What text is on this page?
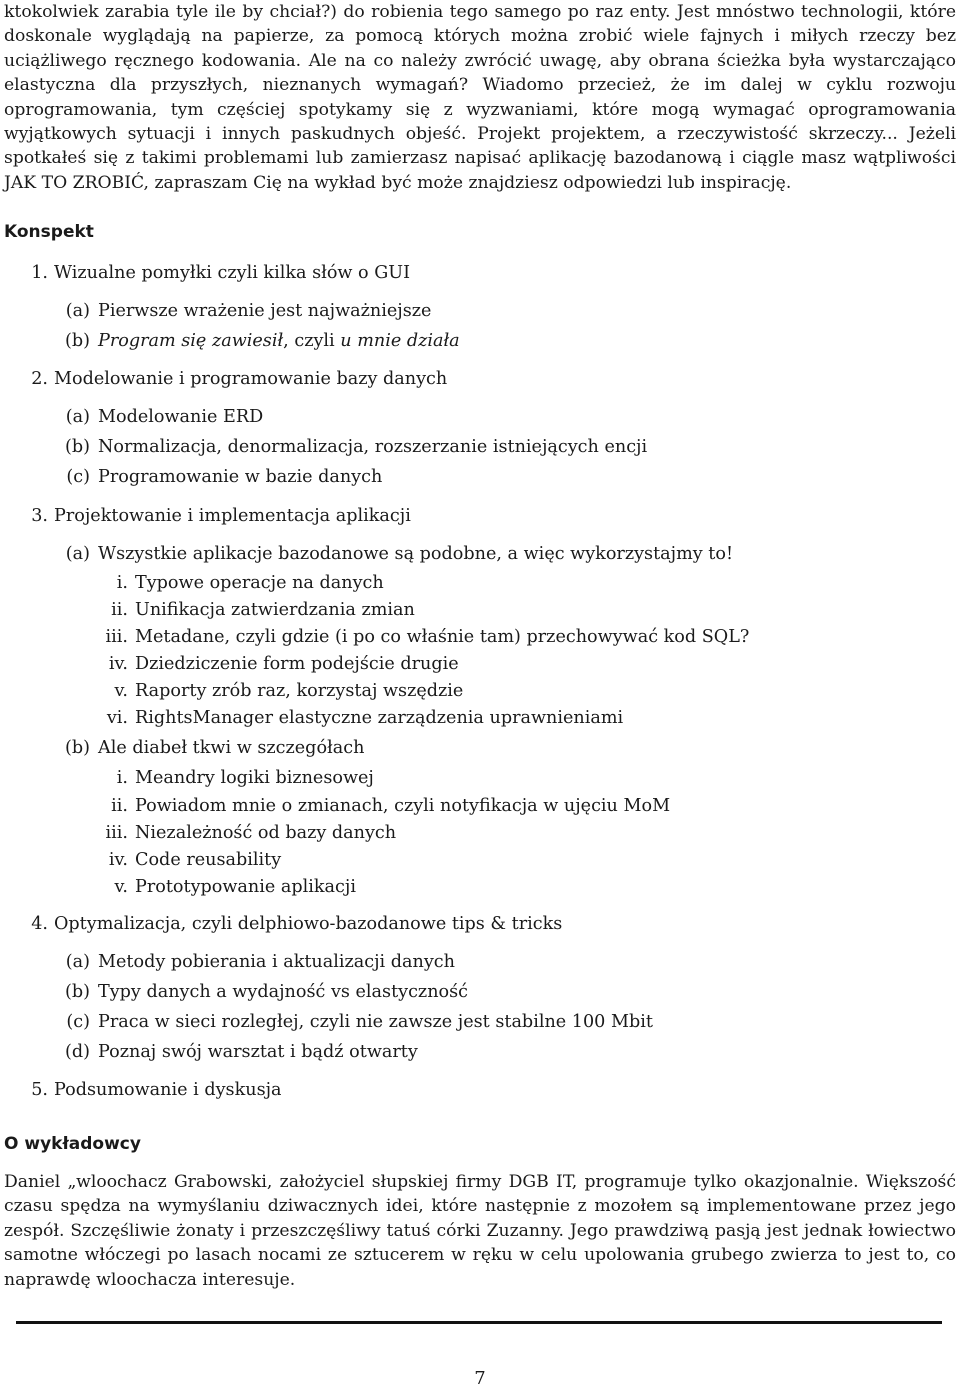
ktokolwiek zarabia tyle ile by chciał?) do robienia tego samego po raz enty. Jest mnóstwo technologii, które doskonale wyglądają na papierze, za pomocą których można zrobić wiele fajnych i miłych rzeczy bez uciążliwego ręcznego kodowania. Ale na co należy zwrócić uwagę, aby obrana ścieżka była wystarczająco elastyczna dla przyszłych, nieznanych wymagań? Wiadomo przecież, że im dalej w cyklu rozwoju oprogramowania, tym częściej spotykamy się z wyzwaniami, które mogą wymagać oprogramowania wyjątkowych sytuacji i innych paskudnych objeść. Projekt projektem, a rzeczywistość skrzeczy... Jeżeli spotkałeś się z takimi problemami lub zamierzasz napisać aplikację bazodanową i ciągle masz wątpliwości JAK TO ZROBIĆ, zapraszam Cię na wykład być może znajdziesz odpowiedzi lub inspirację.

Konspekt
1. Wizualne pomyłki czyli kilka słów o GUI
(a) Pierwsze wrażenie jest najważniejsze
(b) Program się zawiesił, czyli u mnie działa
2. Modelowanie i programowanie bazy danych
(a) Modelowanie ERD
(b) Normalizacja, denormalizacja, rozszerzanie istniejących encji
(c) Programowanie w bazie danych
3. Projektowanie i implementacja aplikacji
(a) Wszystkie aplikacje bazodanowe są podobne, a więc wykorzystajmy to!
i. Typowe operacje na danych
ii. Unifikacja zatwierdzania zmian
iii. Metadane, czyli gdzie (i po co właśnie tam) przechowywać kod SQL?
iv. Dziedziczenie form podejście drugie
v. Raporty zrób raz, korzystaj wszędzie
vi. RightsManager elastyczne zarządzenia uprawnieniami
(b) Ale diabeł tkwi w szczegółach
i. Meandry logiki biznesowej
ii. Powiadom mnie o zmianach, czyli notyfikacja w ujęciu MoM
iii. Niezależność od bazy danych
iv. Code reusability
v. Prototypowanie aplikacji
4. Optymalizacja, czyli delphiowo-bazodanowe tips & tricks
(a) Metody pobierania i aktualizacji danych
(b) Typy danych a wydajność vs elastyczność
(c) Praca w sieci rozległej, czyli nie zawsze jest stabilne 100 Mbit
(d) Poznaj swój warsztat i bądź otwarty
5. Podsumowanie i dyskusja
O wykładowcy

Daniel „wloochacz Grabowski, założyciel słupskiej firmy DGB IT, programuje tylko okazjonalnie. Większość czasu spędza na wymyślaniu dziwacznych idei, które następnie z mozołem są implementowane przez jego zespół. Szczęśliwie żonaty i przeszczęśliwy tatuś córki Zuzanny. Jego prawdziwą pasją jest jednak łowiectwo samotne włóczegi po lasach nocami ze sztucerem w ręku w celu upolowania grubego zwierza to jest to, co naprawdę wloochacza interesuje.

7
